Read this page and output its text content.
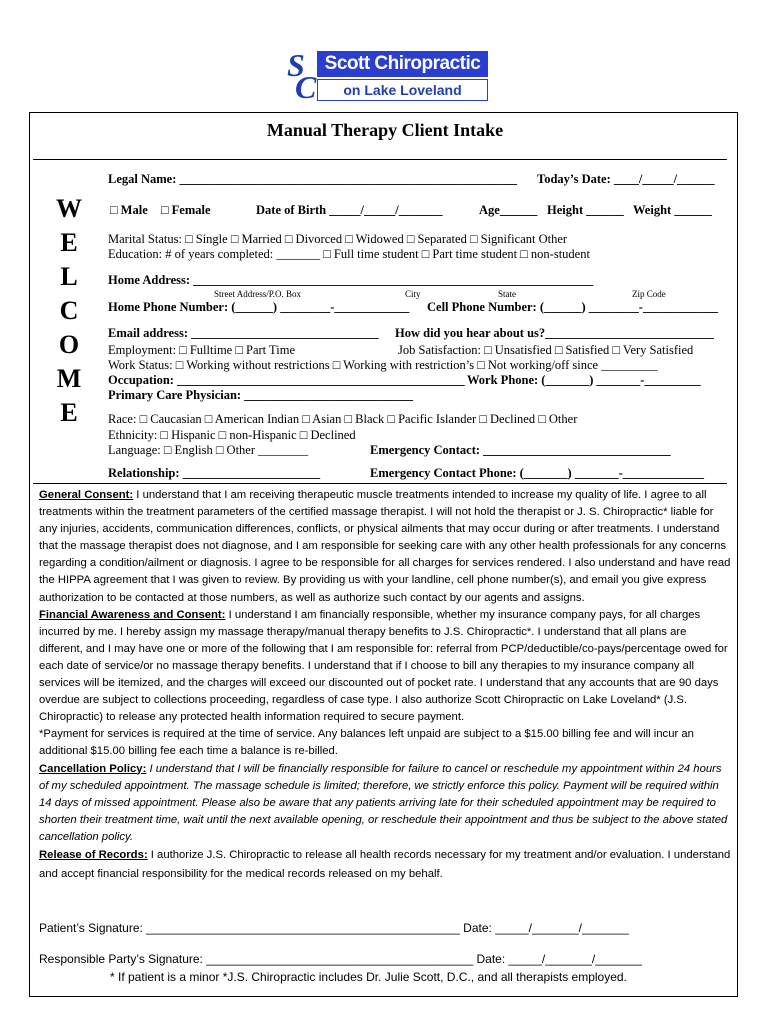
S
C
Scott Chiropractic
on Lake Loveland
Manual Therapy Client Intake
W
E
L
C
O
M
E
Legal Name: ______________________________________________________ Today’s Date: ____/_____/______
□ Male □ Female	Date of Birth _____/_____/_______	Age______ Height ______ Weight ______
Marital Status: □ Single □ Married □ Divorced □ Widowed □ Separated □ Significant Other
Education: # of years completed: _______ □ Full time student □ Part time student □ non-student
Home Address: ________________________________________________________________
Street Address/P.O. Box	City	State	Zip Code
Home Phone Number: (______) ________-____________ Cell Phone Number: (______) ________-____________
Email address: ______________________________ How did you hear about us?___________________________
Employment: □ Fulltime □ Part Time	Job Satisfaction: □ Unsatisfied □ Satisfied □ Very Satisfied
Work Status: □ Working without restrictions □ Working with restriction’s □ Not working/off since _________
Occupation: ______________________________________________ Work Phone: (_______) _______-_________
Primary Care Physician: ___________________________
Race: □ Caucasian □ American Indian □ Asian □ Black □ Pacific Islander □ Declined □ Other
Ethnicity: □ Hispanic □ non-Hispanic □ Declined
Language: □ English □ Other ________	Emergency Contact: ______________________________
Relationship: ______________________	Emergency Contact Phone: (_______) _______-_____________

General Consent: I understand that I am receiving therapeutic muscle treatments intended to increase my quality of life. I agree to all treatments within the treatment parameters of the certified massage therapist. I will not hold the therapist or J. S. Chiropractic* liable for any injuries, accidents, communication differences, conflicts, or physical ailments that may occur during or after treatments. I understand that the massage therapist does not diagnose, and I am responsible for seeking care with any other health professionals for any concerns regarding a condition/ailment or diagnosis. I agree to be responsible for all charges for services rendered. I also understand and have read the HIPPA agreement that I was given to review. By providing us with your landline, cell phone number(s), and email you give express authorization to be contacted at those numbers, as well as authorize such contact by our agents and assigns.

Financial Awareness and Consent: I understand I am financially responsible, whether my insurance company pays, for all charges incurred by me. I hereby assign my massage therapy/manual therapy benefits to J.S. Chiropractic*. I understand that all plans are different, and I may have one or more of the following that I am responsible for: referral from PCP/deductible/co-pays/percentage owed for each date of service/or no massage therapy benefits. I understand that if I choose to bill any therapies to my insurance company all services will be itemized, and the charges will exceed our discounted out of pocket rate. I understand that any accounts that are 90 days overdue are subject to collections proceeding, regardless of case type. I also authorize Scott Chiropractic on Lake Loveland* (J.S. Chiropractic) to release any protected health information required to secure payment.

*Payment for services is required at the time of service. Any balances left unpaid are subject to a $15.00 billing fee and will incur an additional $15.00 billing fee each time a balance is re-billed.

Cancellation Policy: I understand that I will be financially responsible for failure to cancel or reschedule my appointment within 24 hours of my scheduled appointment. The massage schedule is limited; therefore, we strictly enforce this policy. Payment will be required within 14 days of missed appointment. Please also be aware that any patients arriving late for their scheduled appointment may be required to shorten their treatment time, wait until the next available opening, or reschedule their appointment and thus be subject to the above stated cancellation policy.

Release of Records: I authorize J.S. Chiropractic to release all health records necessary for my treatment and/or evaluation. I understand and accept financial responsibility for the medical records released on my behalf.

Patient’s Signature: _______________________________________________ Date: _____/_______/_______
Responsible Party’s Signature: ________________________________________ Date: _____/_______/_______
* If patient is a minor *J.S. Chiropractic includes Dr. Julie Scott, D.C., and all therapists employed.
